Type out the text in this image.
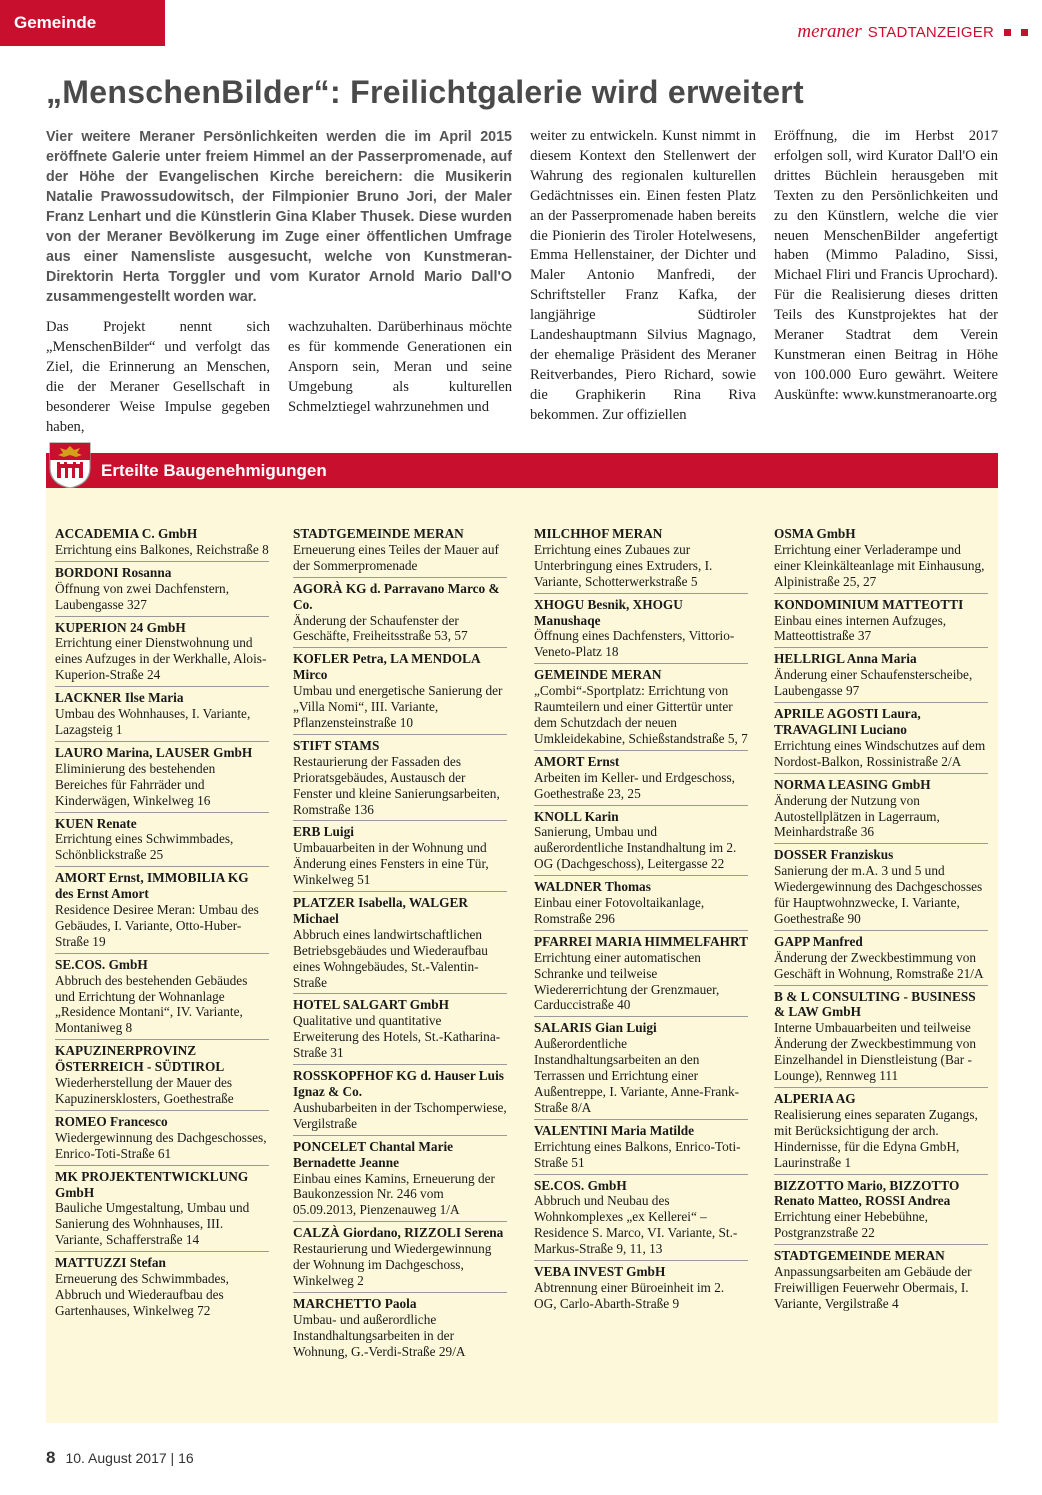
Gemeinde	meraner STADTANZEIGER
„MenschenBilder“: Freilichtgalerie wird erweitert

Vier weitere Meraner Persönlichkeiten werden die im April 2015 eröffnete Galerie unter freiem Himmel an der Passerpromenade, auf der Höhe der Evangelischen Kirche bereichern: die Musikerin Natalie Prawossudowitsch, der Filmpionier Bruno Jori, der Maler Franz Lenhart und die Künstlerin Gina Klaber Thusek. Diese wurden von der Meraner Bevölkerung im Zuge einer öffentlichen Umfrage aus einer Namensliste ausgesucht, welche von Kunstmeran-Direktorin Herta Torggler und vom Kurator Arnold Mario Dall'O zusammengestellt worden war.

Das Projekt nennt sich „MenschenBilder“ und verfolgt das Ziel, die Erinnerung an Menschen, die der Meraner Gesellschaft in besonderer Weise Impulse gegeben haben,

wachzuhalten. Darüberhinaus möchte es für kommende Generationen ein Ansporn sein, Meran und seine Umgebung als kulturellen Schmelztiegel wahrzunehmen und

weiter zu entwickeln. Kunst nimmt in diesem Kontext den Stellenwert der Wahrung des regionalen kulturellen Gedächtnisses ein. Einen festen Platz an der Passerpromenade haben bereits die Pionierin des Tiroler Hotelwesens, Emma Hellenstainer, der Dichter und Maler Antonio Manfredi, der Schriftsteller Franz Kafka, der langjährige Südtiroler Landeshauptmann Silvius Magnago, der ehemalige Präsident des Meraner Reitverbandes, Piero Richard, sowie die Graphikerin Rina Riva bekommen. Zur offiziellen

Eröffnung, die im Herbst 2017 erfolgen soll, wird Kurator Dall'O ein drittes Büchlein herausgeben mit Texten zu den Persönlichkeiten und zu den Künstlern, welche die vier neuen MenschenBilder angefertigt haben (Mimmo Paladino, Sissi, Michael Fliri und Francis Uprochard). Für die Realisierung dieses dritten Teils des Kunstprojektes hat der Meraner Stadtrat dem Verein Kunstmeran einen Beitrag in Höhe von 100.000 Euro gewährt. Weitere Auskünfte: www.kunstmeranoarte.org

Erteilte Baugenehmigungen
ACCADEMIA C. GmbH
Errichtung eins Balkones, Reichstraße 8
BORDONI Rosanna
Öffnung von zwei Dachfenstern, Laubengasse 327
KUPERION 24 GmbH
Errichtung einer Dienstwohnung und eines Aufzuges in der Werkhalle, Alois-Kuperion-Straße 24
LACKNER Ilse Maria
Umbau des Wohnhauses, I. Variante, Lazagsteig 1
LAURO Marina, LAUSER GmbH
Eliminierung des bestehenden Bereiches für Fahrräder und Kinderwägen, Winkelweg 16
KUEN Renate
Errichtung eines Schwimmbades, Schönblickstraße 25
AMORT Ernst, IMMOBILIA KG des Ernst Amort
Residence Desiree Meran: Umbau des Gebäudes, I. Variante, Otto-Huber-Straße 19
SE.COS. GmbH
Abbruch des bestehenden Gebäudes und Errichtung der Wohnanlage „Residence Montani“, IV. Variante, Montaniweg 8
KAPUZINERPROVINZ ÖSTERREICH - SÜDTIROL
Wiederherstellung der Mauer des Kapuzinersklosters, Goethestraße
ROMEO Francesco
Wiedergewinnung des Dachgeschosses, Enrico-Toti-Straße 61
MK PROJEKTENTWICKLUNG GmbH
Bauliche Umgestaltung, Umbau und Sanierung des Wohnhauses, III. Variante, Schafferstraße 14
MATTUZZI Stefan
Erneuerung des Schwimmbades, Abbruch und Wiederaufbau des Gartenhauses, Winkelweg 72
STADTGEMEINDE MERAN
Erneuerung eines Teiles der Mauer auf der Sommerpromenade
AGORÀ KG d. Parravano Marco & Co.
Änderung der Schaufenster der Geschäfte, Freiheitsstraße 53, 57
KOFLER Petra, LA MENDOLA Mirco
Umbau und energetische Sanierung der „Villa Nomi“, III. Variante, Pflanzensteinstraße 10
STIFT STAMS
Restaurierung der Fassaden des Prioratsgebäudes, Austausch der Fenster und kleine Sanierungsarbeiten, Romstraße 136
ERB Luigi
Umbauarbeiten in der Wohnung und Änderung eines Fensters in eine Tür, Winkelweg 51
PLATZER Isabella, WALGER Michael
Abbruch eines landwirtschaftlichen Betriebsgebäudes und Wiederaufbau eines Wohngebäudes, St.-Valentin-Straße
HOTEL SALGART GmbH
Qualitative und quantitative Erweiterung des Hotels, St.-Katharina-Straße 31
ROSSKOPFHOF KG d. Hauser Luis Ignaz & Co.
Aushubarbeiten in der Tschomperwiese, Vergilstraße
PONCELET Chantal Marie Bernadette Jeanne
Einbau eines Kamins, Erneuerung der Baukonzession Nr. 246 vom 05.09.2013, Pienzenauweg 1/A
CALZÀ Giordano, RIZZOLI Serena
Restaurierung und Wiedergewinnung der Wohnung im Dachgeschoss, Winkelweg 2
MARCHETTO Paola
Umbau- und außerordliche Instandhaltungsarbeiten in der Wohnung, G.-Verdi-Straße 29/A
MILCHHOF MERAN
Errichtung eines Zubaues zur Unterbringung eines Extruders, I. Variante, Schotterwerkstraße 5
XHOGU Besnik, XHOGU Manushaqe
Öffnung eines Dachfensters, Vittorio-Veneto-Platz 18
GEMEINDE MERAN
„Combi“-Sportplatz: Errichtung von Raumteilern und einer Gittertür unter dem Schutzdach der neuen Umkleidekabine, Schießstandstraße 5, 7
AMORT Ernst
Arbeiten im Keller- und Erdgeschoss, Goethestraße 23, 25
KNOLL Karin
Sanierung, Umbau und außerordentliche Instandhaltung im 2. OG (Dachgeschoss), Leitergasse 22
WALDNER Thomas
Einbau einer Fotovoltaikanlage, Romstraße 296
PFARREI MARIA HIMMELFAHRT
Errichtung einer automatischen Schranke und teilweise Wiedererrichtung der Grenzmauer, Carduccistraße 40
SALARIS Gian Luigi
Außerordentliche Instandhaltungsarbeiten an den Terrassen und Errichtung einer Außentreppe, I. Variante, Anne-Frank-Straße 8/A
VALENTINI Maria Matilde
Errichtung eines Balkons, Enrico-Toti-Straße 51
SE.COS. GmbH
Abbruch und Neubau des Wohnkomplexes „ex Kellerei“ – Residence S. Marco, VI. Variante, St.-Markus-Straße 9, 11, 13
VEBA INVEST GmbH
Abtrennung einer Büroeinheit im 2. OG, Carlo-Abarth-Straße 9
OSMA GmbH
Errichtung einer Verladerampe und einer Kleinkälteanlage mit Einhausung, Alpinistraße 25, 27
KONDOMINIUM MATTEOTTI
Einbau eines internen Aufzuges, Matteottistraße 37
HELLRIGL Anna Maria
Änderung einer Schaufensterscheibe, Laubengasse 97
APRILE AGOSTI Laura, TRAVAGLINI Luciano
Errichtung eines Windschutzes auf dem Nordost-Balkon, Rossinistraße 2/A
NORMA LEASING GmbH
Änderung der Nutzung von Autostellplätzen in Lagerraum, Meinhardstraße 36
DOSSER Franziskus
Sanierung der m.A. 3 und 5 und Wiedergewinnung des Dachgeschosses für Hauptwohnzwecke, I. Variante, Goethestraße 90
GAPP Manfred
Änderung der Zweckbestimmung von Geschäft in Wohnung, Romstraße 21/A
B & L CONSULTING - BUSINESS & LAW GmbH
Interne Umbauarbeiten und teilweise Änderung der Zweckbestimmung von Einzelhandel in Dienstleistung (Bar - Lounge), Rennweg 111
ALPERIA AG
Realisierung eines separaten Zugangs, mit Berücksichtigung der arch. Hindernisse, für die Edyna GmbH, Laurinstraße 1
BIZZOTTO Mario, BIZZOTTO Renato Matteo, ROSSI Andrea
Errichtung einer Hebebühne, Postgranzstraße 22
STADTGEMEINDE MERAN
Anpassungsarbeiten am Gebäude der Freiwilligen Feuerwehr Obermais, I. Variante, Vergilstraße 4
8 10. August 2017 | 16
